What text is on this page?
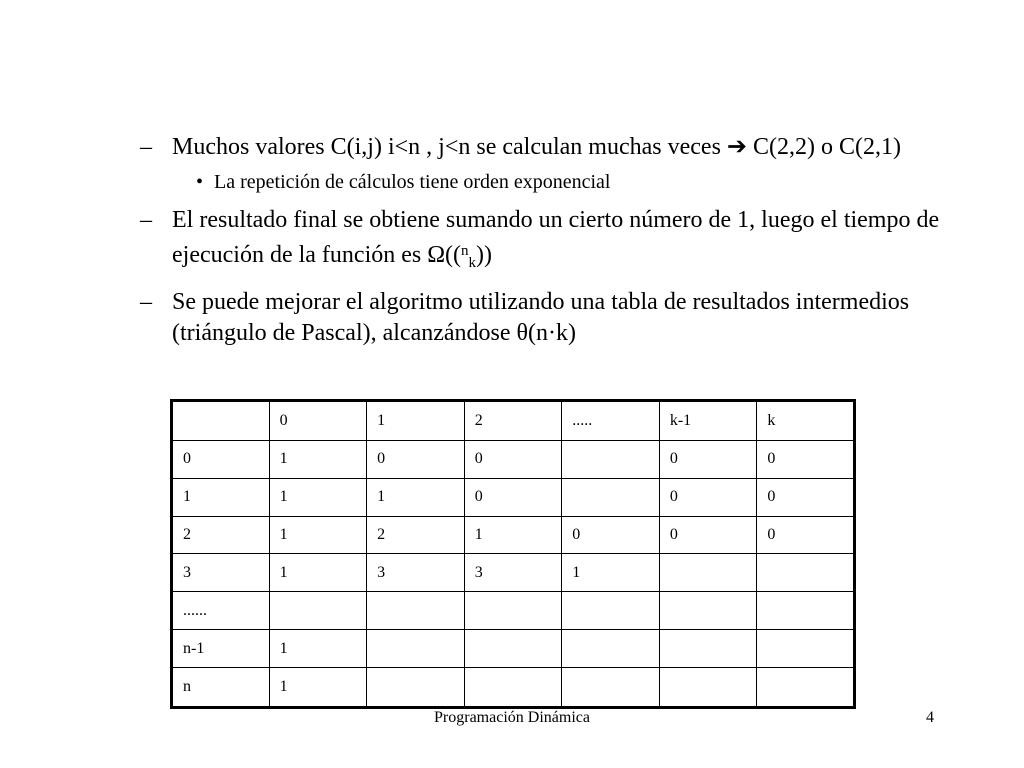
– Muchos valores C(i,j) i<n , j<n se calculan muchas veces ➔ C(2,2) o C(2,1)
• La repetición de cálculos tiene orden exponencial
– El resultado final se obtiene sumando un cierto número de 1, luego el tiempo de ejecución de la función es Ω(($^n_k$))
– Se puede mejorar el algoritmo utilizando una tabla de resultados intermedios (triángulo de Pascal), alcanzándose θ(n·k)
	0	1	2	.....	k-1	k
0	1	0	0		0	0
1	1	1	0		0	0
2	1	2	1	0	0	0
3	1	3	3	1		
......						
n-1	1					
n	1					
Programación Dinámica	4
